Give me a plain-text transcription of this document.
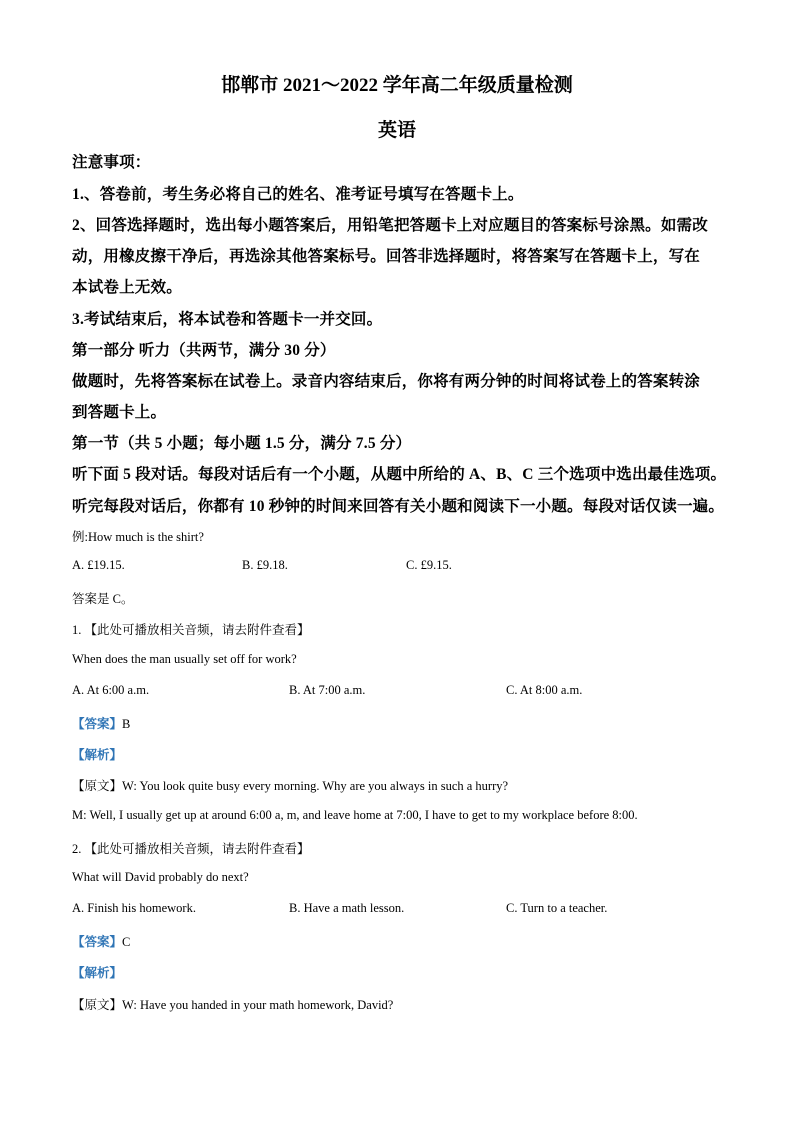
邯郸市 2021～2022 学年高二年级质量检测
英语
注意事项：
1.、答卷前，考生务必将自己的姓名、准考证号填写在答题卡上。
2、回答选择题时，选出每小题答案后，用铅笔把答题卡上对应题目的答案标号涂黑。如需改
动，用橡皮擦干净后，再选涂其他答案标号。回答非选择题时，将答案写在答题卡上，写在
本试卷上无效。
3.考试结束后，将本试卷和答题卡一并交回。
第一部分 听力（共两节，满分 30 分）
做题时，先将答案标在试卷上。录音内容结束后，你将有两分钟的时间将试卷上的答案转涂
到答题卡上。
第一节（共 5 小题；每小题 1.5 分，满分 7.5 分）
听下面 5 段对话。每段对话后有一个小题，从题中所给的 A、B、C 三个选项中选出最佳选项。
听完每段对话后，你都有 10 秒钟的时间来回答有关小题和阅读下一小题。每段对话仅读一遍。
例:How much is the shirt?
A. £19.15.	B. £9.18.	C. £9.15.
答案是 C。
1. 【此处可播放相关音频，请去附件查看】
When does the man usually set off for work?
A. At 6:00 a.m.	B. At 7:00 a.m.	C. At 8:00 a.m.
【答案】B
【解析】
【原文】W: You look quite busy every morning. Why are you always in such a hurry?
M: Well, I usually get up at around 6:00 a, m, and leave home at 7:00, I have to get to my workplace before 8:00.
2. 【此处可播放相关音频，请去附件查看】
What will David probably do next?
A. Finish his homework.	B. Have a math lesson.	C. Turn to a teacher.
【答案】C
【解析】
【原文】W: Have you handed in your math homework, David?
